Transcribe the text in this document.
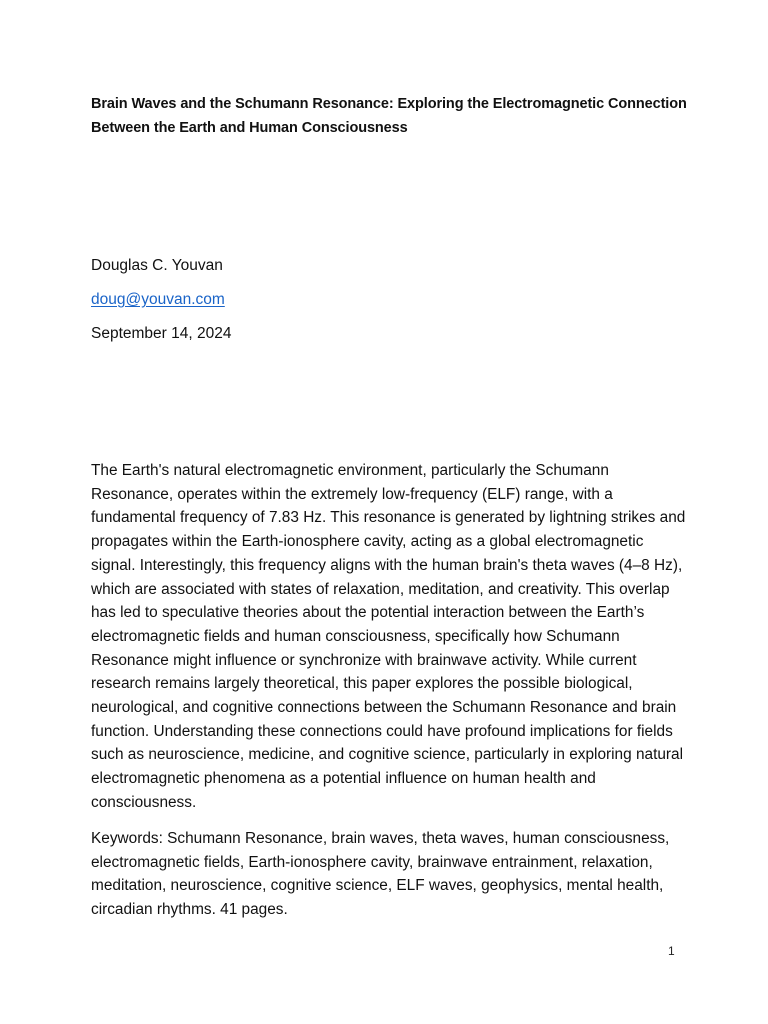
Brain Waves and the Schumann Resonance: Exploring the Electromagnetic Connection Between the Earth and Human Consciousness

Douglas C. Youvan

doug@youvan.com

September 14, 2024

The Earth's natural electromagnetic environment, particularly the Schumann Resonance, operates within the extremely low-frequency (ELF) range, with a fundamental frequency of 7.83 Hz. This resonance is generated by lightning strikes and propagates within the Earth-ionosphere cavity, acting as a global electromagnetic signal. Interestingly, this frequency aligns with the human brain's theta waves (4–8 Hz), which are associated with states of relaxation, meditation, and creativity. This overlap has led to speculative theories about the potential interaction between the Earth’s electromagnetic fields and human consciousness, specifically how Schumann Resonance might influence or synchronize with brainwave activity. While current research remains largely theoretical, this paper explores the possible biological, neurological, and cognitive connections between the Schumann Resonance and brain function. Understanding these connections could have profound implications for fields such as neuroscience, medicine, and cognitive science, particularly in exploring natural electromagnetic phenomena as a potential influence on human health and consciousness.

Keywords: Schumann Resonance, brain waves, theta waves, human consciousness, electromagnetic fields, Earth-ionosphere cavity, brainwave entrainment, relaxation, meditation, neuroscience, cognitive science, ELF waves, geophysics, mental health, circadian rhythms. 41 pages.

1
